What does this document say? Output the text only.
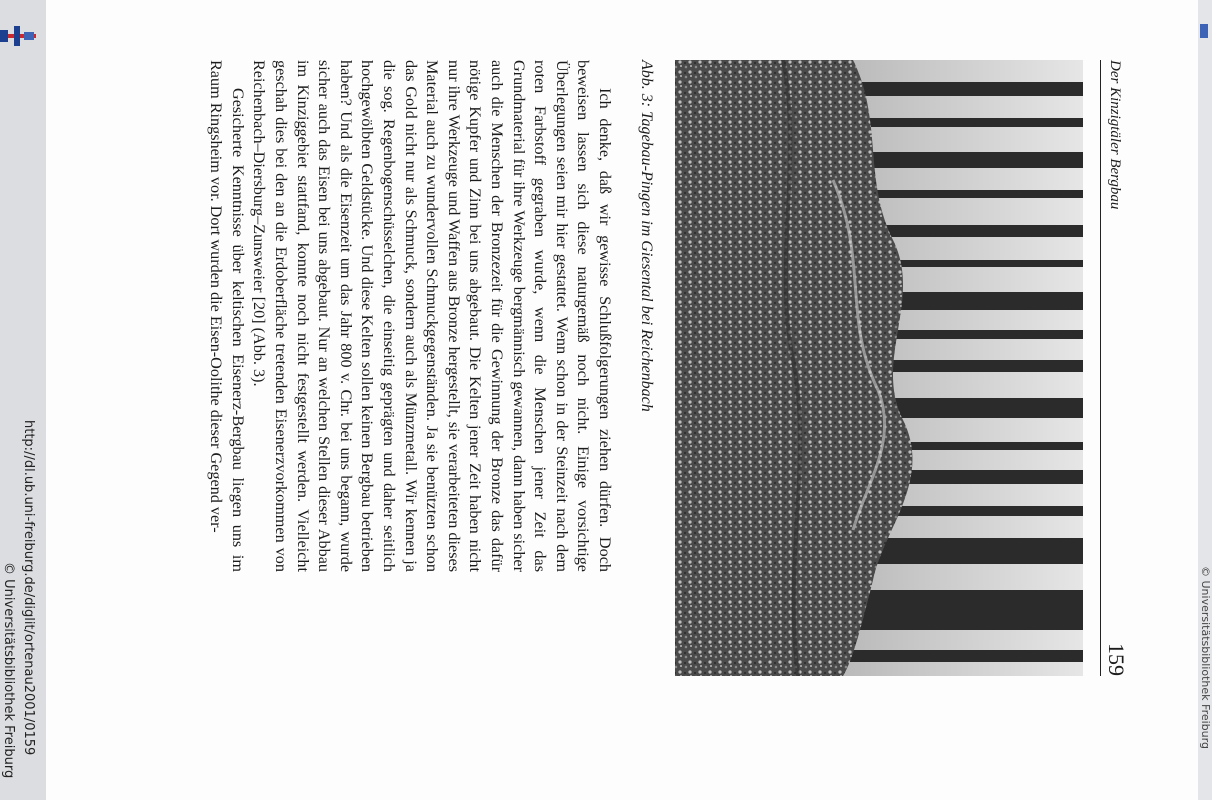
http://dl.ub.uni-freiburg.de/diglit/ortenau2001/0159
© Universitätsbibliothek Freiburg	© Universitätsbibliothek Freiburg
Der Kinzigtäler Bergbau
159
Abb. 3: Tagebau-Pingen im Giesental bei Reichenbach

Ich denke, daß wir gewisse Schlußfolgerungen ziehen dürfen. Doch beweisen lassen sich diese naturgemäß noch nicht. Einige vorsichtige Überlegungen seien mir hier gestattet. Wenn schon in der Steinzeit nach dem roten Farbstoff gegraben wurde, wenn die Menschen jener Zeit das Grundmaterial für ihre Werkzeuge bergmännisch gewannen, dann haben sicher auch die Menschen der Bronzezeit für die Gewinnung der Bronze das dafür nötige Kupfer und Zinn bei uns abgebaut. Die Kelten jener Zeit haben nicht nur ihre Werkzeuge und Waffen aus Bronze hergestellt, sie verarbeiteten dieses Material auch zu wundervollen Schmuckgegenständen. Ja sie benützten schon das Gold nicht nur als Schmuck, sondern auch als Münzmetall. Wir kennen ja die sog. Regenbogenschüsselchen, die einseitig geprägten und daher seitlich hochgewölbten Geldstücke. Und diese Kelten sollen keinen Bergbau betrieben haben? Und als die Eisenzeit um das Jahr 800 v. Chr. bei uns begann, wurde sicher auch das Eisen bei uns abgebaut. Nur an welchen Stellen dieser Abbau im Kinziggebiet stattfand, konnte noch nicht festgestellt werden. Vielleicht geschah dies bei den an die Erdoberfläche tretenden Eisenerzvorkommen von Reichenbach–Diersburg–Zunsweier [20] (Abb. 3).

Gesicherte Kenntnisse über keltischen Eisenerz-Bergbau liegen uns im Raum Ringsheim vor. Dort wurden die Eisen-Oolithe dieser Gegend ver-
